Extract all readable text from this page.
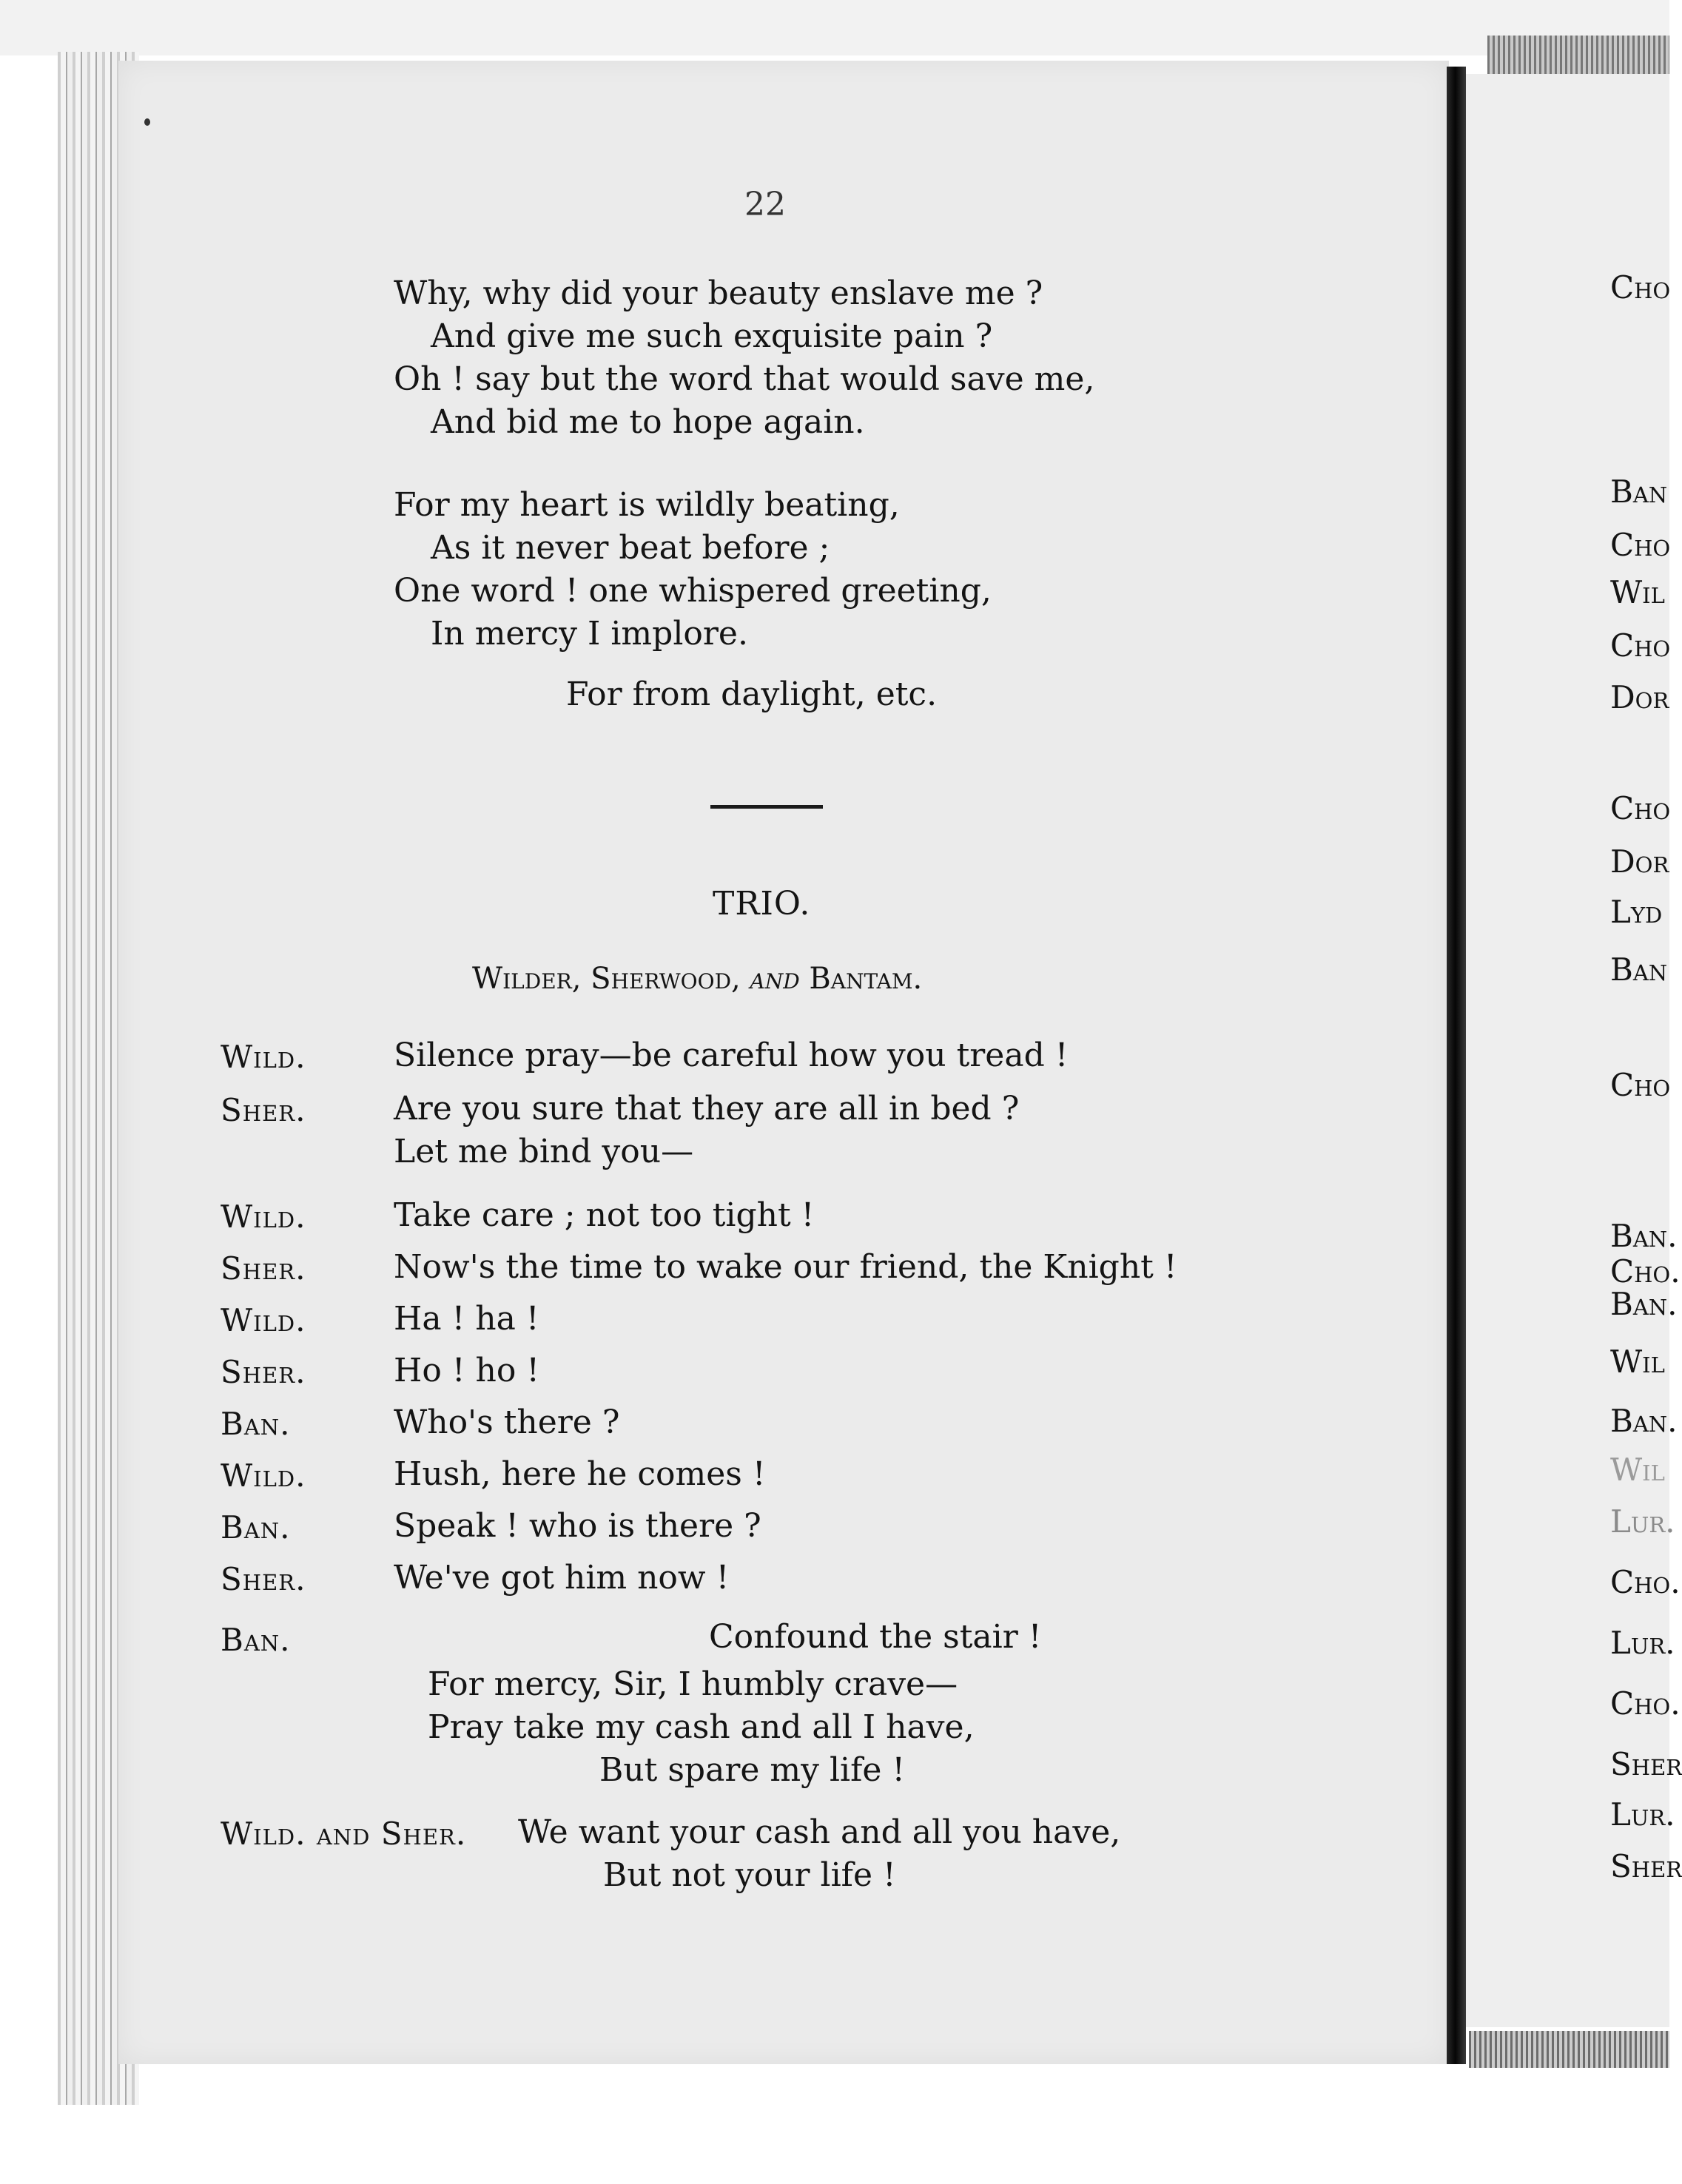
22
Why, why did your beauty enslave me ?
And give me such exquisite pain ?
Oh ! say but the word that would save me,
And bid me to hope again.
For my heart is wildly beating,
As it never beat before ;
One word ! one whispered greeting,
In mercy I implore.
For from daylight, etc.
TRIO.
Wilder, Sherwood, and Bantam.
Wild.
Sher.
Wild.
Sher.
Wild.
Sher.
Ban.
Wild.
Ban.
Sher.
Ban.
Wild. and Sher.
Silence pray—be careful how you tread !
Are you sure that they are all in bed ?
Let me bind you—
Take care ; not too tight !
Now's the time to wake our friend, the Knight !
Ha ! ha !
Ho ! ho !
Who's there ?
Hush, here he comes !
Speak ! who is there ?
We've got him now !
Confound the stair !
For mercy, Sir, I humbly crave—
Pray take my cash and all I have,
But spare my life !
We want your cash and all you have,
But not your life !
Cho
Ban
Cho
Wil
Cho
Dor
Cho
Dor
Lyd
Ban
Cho
Ban.
Cho.
Ban.
Wil
Ban.
Wil
Lur.
Cho.
Lur.
Cho.
Sher
Lur.
Sher
